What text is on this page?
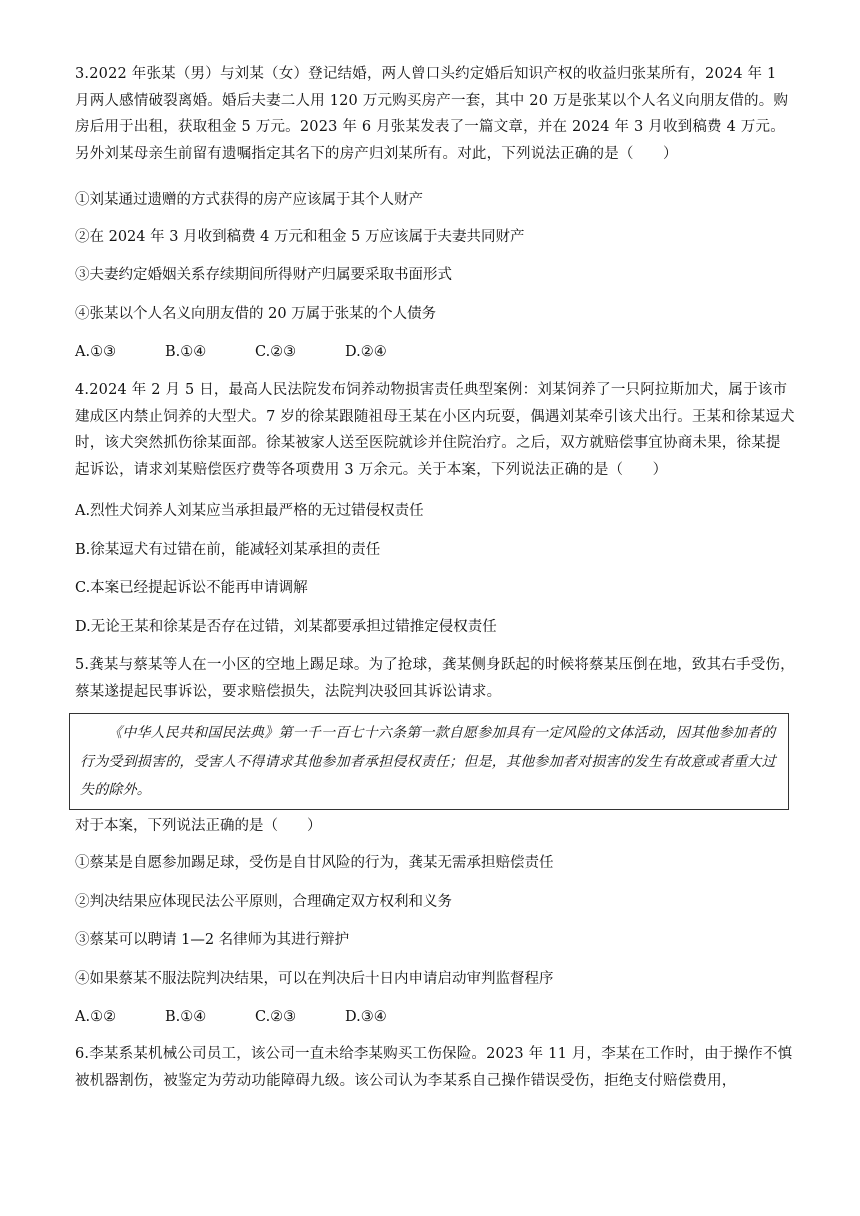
3.2022 年张某（男）与刘某（女）登记结婚，两人曾口头约定婚后知识产权的收益归张某所有，2024 年 1 月两人感情破裂离婚。婚后夫妻二人用 120 万元购买房产一套，其中 20 万是张某以个人名义向朋友借的。购房后用于出租，获取租金 5 万元。2023 年 6 月张某发表了一篇文章，并在 2024 年 3 月收到稿费 4 万元。另外刘某母亲生前留有遗嘱指定其名下的房产归刘某所有。对此，下列说法正确的是（　　）
①刘某通过遗赠的方式获得的房产应该属于其个人财产
②在 2024 年 3 月收到稿费 4 万元和租金 5 万应该属于夫妻共同财产
③夫妻约定婚姻关系存续期间所得财产归属要采取书面形式
④张某以个人名义向朋友借的 20 万属于张某的个人债务
A.①③	B.①④	C.②③	D.②④
4.2024 年 2 月 5 日，最高人民法院发布饲养动物损害责任典型案例：刘某饲养了一只阿拉斯加犬，属于该市建成区内禁止饲养的大型犬。7 岁的徐某跟随祖母王某在小区内玩耍，偶遇刘某牵引该犬出行。王某和徐某逗犬时，该犬突然抓伤徐某面部。徐某被家人送至医院就诊并住院治疗。之后，双方就赔偿事宜协商未果，徐某提起诉讼，请求刘某赔偿医疗费等各项费用 3 万余元。关于本案，下列说法正确的是（　　）
A.烈性犬饲养人刘某应当承担最严格的无过错侵权责任
B.徐某逗犬有过错在前，能减轻刘某承担的责任
C.本案已经提起诉讼不能再申请调解
D.无论王某和徐某是否存在过错，刘某都要承担过错推定侵权责任
5.龚某与蔡某等人在一小区的空地上踢足球。为了抢球，龚某侧身跃起的时候将蔡某压倒在地，致其右手受伤，蔡某遂提起民事诉讼，要求赔偿损失，法院判决驳回其诉讼请求。
《中华人民共和国民法典》第一千一百七十六条第一款自愿参加具有一定风险的文体活动，因其他参加者的行为受到损害的，受害人不得请求其他参加者承担侵权责任；但是，其他参加者对损害的发生有故意或者重大过失的除外。
对于本案，下列说法正确的是（　　）
①蔡某是自愿参加踢足球，受伤是自甘风险的行为，龚某无需承担赔偿责任
②判决结果应体现民法公平原则，合理确定双方权利和义务
③蔡某可以聘请 1—2 名律师为其进行辩护
④如果蔡某不服法院判决结果，可以在判决后十日内申请启动审判监督程序
A.①②	B.①④	C.②③	D.③④
6.李某系某机械公司员工，该公司一直未给李某购买工伤保险。2023 年 11 月，李某在工作时，由于操作不慎被机器割伤，被鉴定为劳动功能障碍九级。该公司认为李某系自己操作错误受伤，拒绝支付赔偿费用，
